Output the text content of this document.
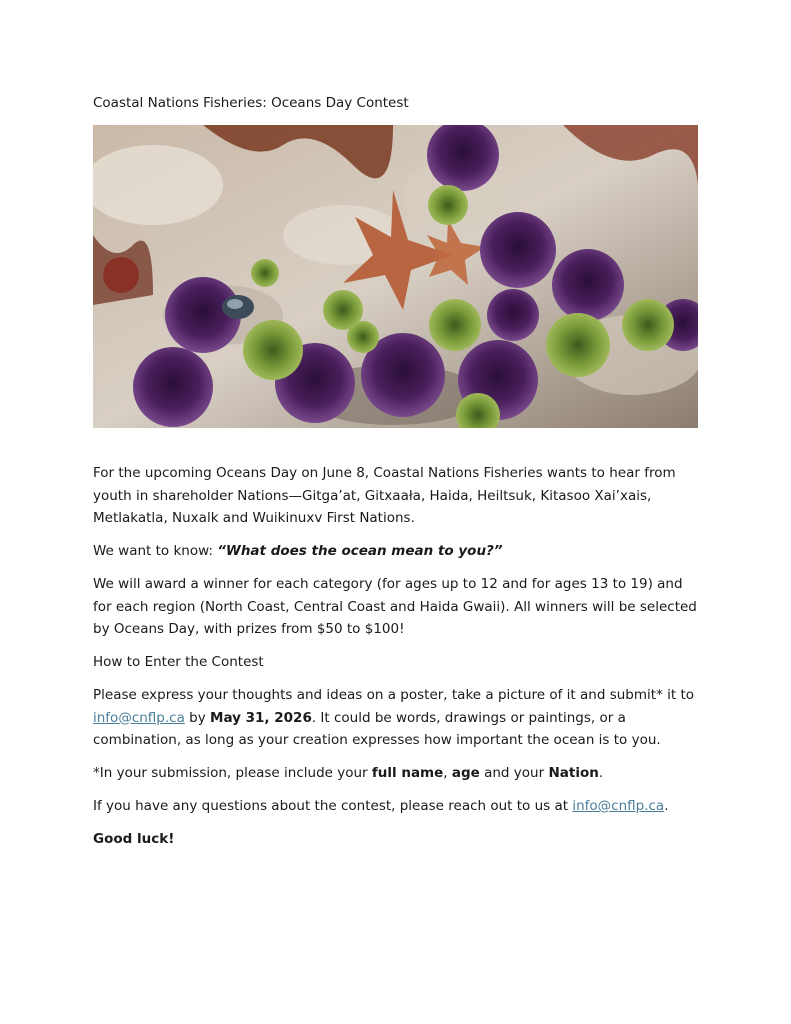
Coastal Nations Fisheries: Oceans Day Contest

For the upcoming Oceans Day on June 8, Coastal Nations Fisheries wants to hear from youth in shareholder Nations—Gitga’at, Gitxaała, Haida, Heiltsuk, Kitasoo Xai’xais, Metlakatla, Nuxalk and Wuikinuxv First Nations.

We want to know: “What does the ocean mean to you?”

We will award a winner for each category (for ages up to 12 and for ages 13 to 19) and for each region (North Coast, Central Coast and Haida Gwaii). All winners will be selected by Oceans Day, with prizes from $50 to $100!

How to Enter the Contest

Please express your thoughts and ideas on a poster, take a picture of it and submit* it to info@cnflp.ca by May 31, 2026. It could be words, drawings or paintings, or a combination, as long as your creation expresses how important the ocean is to you.

*In your submission, please include your full name, age and your Nation.

If you have any questions about the contest, please reach out to us at info@cnflp.ca.

Good luck!
